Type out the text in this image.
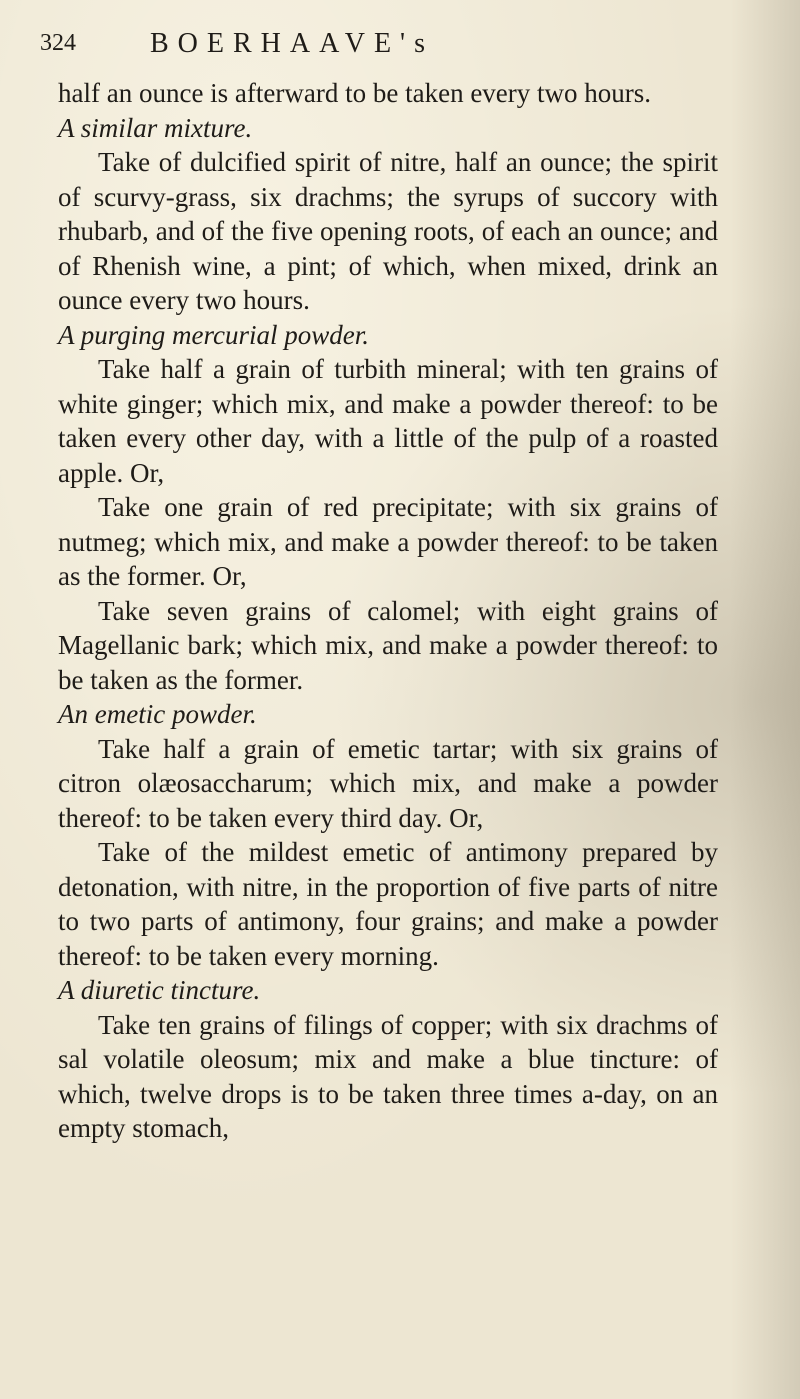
324	BOERHAAVE's

half an ounce is afterward to be taken every two hours.

A similar mixture.

Take of dulcified spirit of nitre, half an ounce; the spirit of scurvy-grass, six drachms; the syrups of succory with rhubarb, and of the five opening roots, of each an ounce; and of Rhenish wine, a pint; of which, when mixed, drink an ounce every two hours.

A purging mercurial powder.

Take half a grain of turbith mineral; with ten grains of white ginger; which mix, and make a powder thereof: to be taken every other day, with a little of the pulp of a roasted apple. Or,

Take one grain of red precipitate; with six grains of nutmeg; which mix, and make a powder thereof: to be taken as the former. Or,

Take seven grains of calomel; with eight grains of Magellanic bark; which mix, and make a powder thereof: to be taken as the former.

An emetic powder.

Take half a grain of emetic tartar; with six grains of citron olæosaccharum; which mix, and make a powder thereof: to be taken every third day. Or,

Take of the mildest emetic of antimony prepared by detonation, with nitre, in the proportion of five parts of nitre to two parts of antimony, four grains; and make a powder thereof: to be taken every morning.

A diuretic tincture.

Take ten grains of filings of copper; with six drachms of sal volatile oleosum; mix and make a blue tincture: of which, twelve drops is to be taken three times a-day, on an empty stomach,
